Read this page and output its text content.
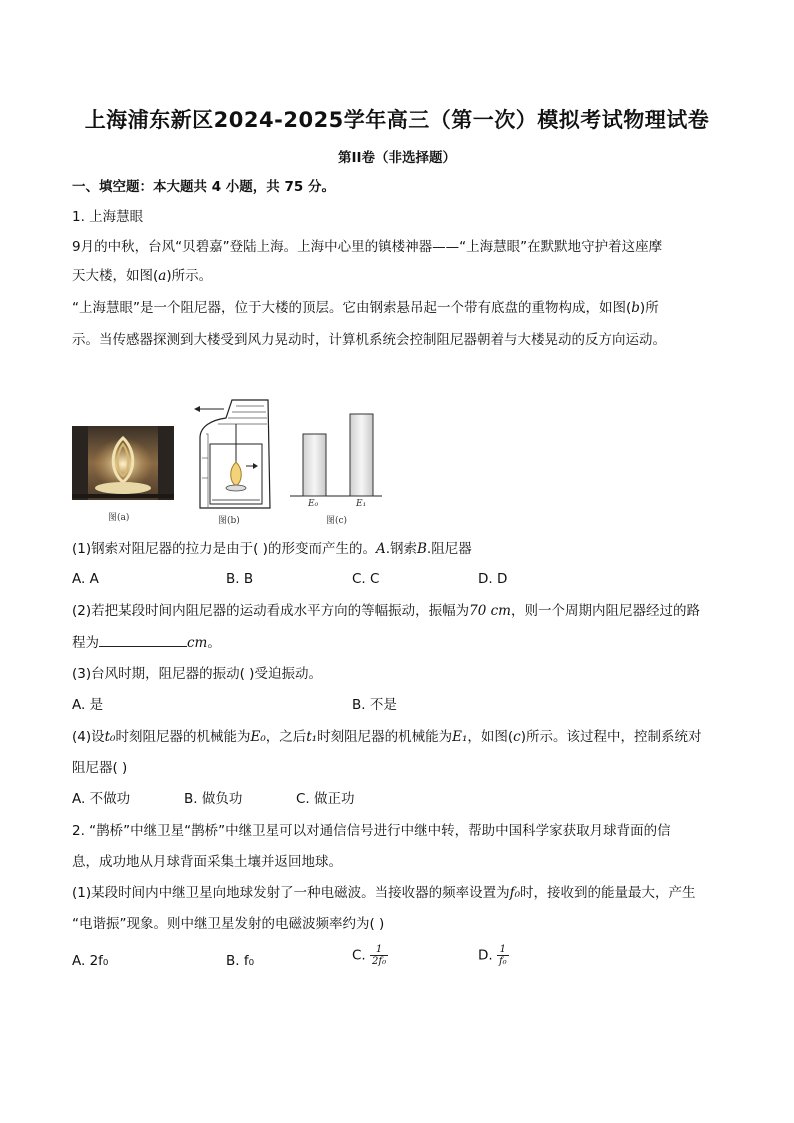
上海浦东新区2024-2025学年高三（第一次）模拟考试物理试卷
第II卷（非选择题）
一、填空题：本大题共 4 小题，共 75 分。
1. 上海慧眼
9月的中秋，台风“贝碧嘉”登陆上海。上海中心里的镇楼神器——“上海慧眼”在默默地守护着这座摩
天大楼，如图(a)所示。
“上海慧眼”是一个阻尼器，位于大楼的顶层。它由钢索悬吊起一个带有底盘的重物构成，如图(b)所
示。当传感器探测到大楼受到风力晃动时，计算机系统会控制阻尼器朝着与大楼晃动的反方向运动。
图(a)	图(b)
E₀	E₁
图(c)
(1)钢索对阻尼器的拉力是由于( )的形变而产生的。A.钢索B.阻尼器
A. A	B. B	C. C	D. D
(2)若把某段时间内阻尼器的运动看成水平方向的等幅振动，振幅为70 cm，则一个周期内阻尼器经过的路
程为	cm。
(3)台风时期，阻尼器的振动( )受迫振动。
A. 是	B. 不是
(4)设t₀时刻阻尼器的机械能为E₀，之后t₁时刻阻尼器的机械能为E₁，如图(c)所示。该过程中，控制系统对
阻尼器( )
A. 不做功	B. 做负功	C. 做正功
2. “鹊桥”中继卫星“鹊桥”中继卫星可以对通信信号进行中继中转，帮助中国科学家获取月球背面的信
息，成功地从月球背面采集土壤并返回地球。
(1)某段时间内中继卫星向地球发射了一种电磁波。当接收器的频率设置为f₀时，接收到的能量最大，产生
“电谐振”现象。则中继卫星发射的电磁波频率约为( )
A. 2f₀	B. f₀	C. $\frac{1}{\text{2f₀}}$	D. $\frac{1}{\text{f₀}}$
